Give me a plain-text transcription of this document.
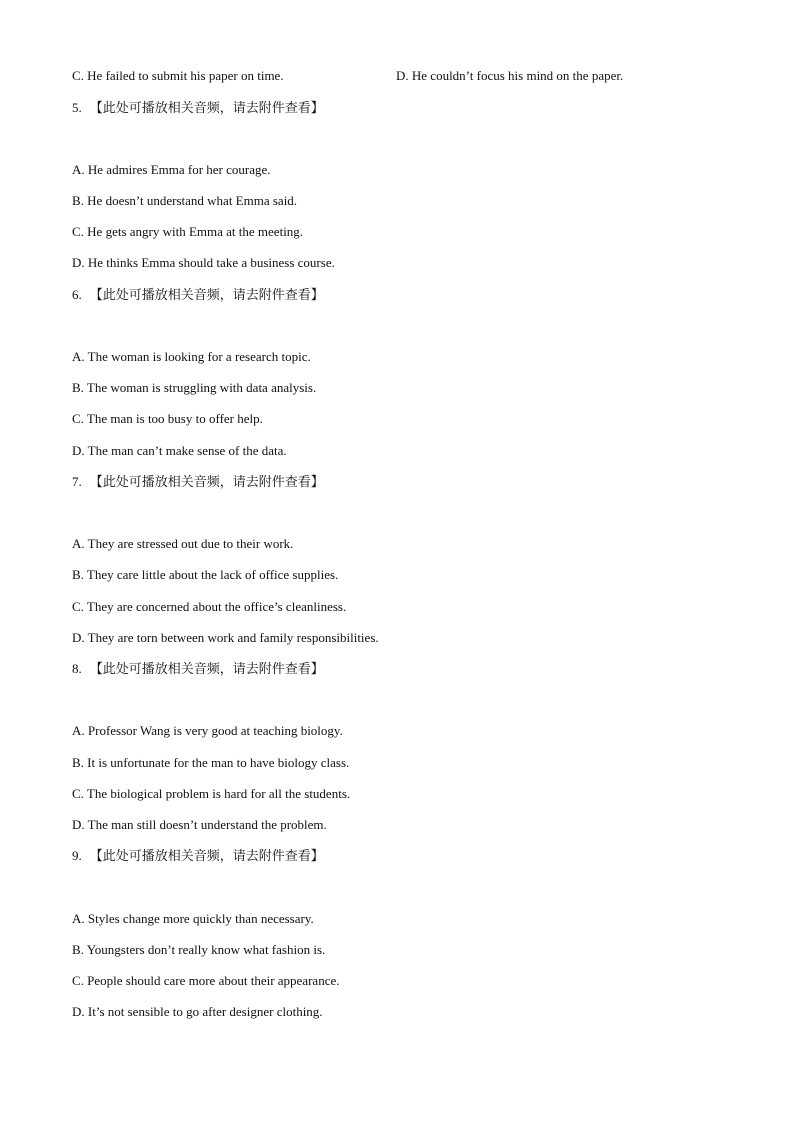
C. He failed to submit his paper on time.	D. He couldn’t focus his mind on the paper.
5. 【此处可播放相关音频，请去附件查看】
A. He admires Emma for her courage.
B. He doesn’t understand what Emma said.
C. He gets angry with Emma at the meeting.
D. He thinks Emma should take a business course.
6. 【此处可播放相关音频，请去附件查看】
A. The woman is looking for a research topic.
B. The woman is struggling with data analysis.
C. The man is too busy to offer help.
D. The man can’t make sense of the data.
7. 【此处可播放相关音频，请去附件查看】
A. They are stressed out due to their work.
B. They care little about the lack of office supplies.
C. They are concerned about the office’s cleanliness.
D. They are torn between work and family responsibilities.
8. 【此处可播放相关音频，请去附件查看】
A. Professor Wang is very good at teaching biology.
B. It is unfortunate for the man to have biology class.
C. The biological problem is hard for all the students.
D. The man still doesn’t understand the problem.
9. 【此处可播放相关音频，请去附件查看】
A. Styles change more quickly than necessary.
B. Youngsters don’t really know what fashion is.
C. People should care more about their appearance.
D. It’s not sensible to go after designer clothing.
